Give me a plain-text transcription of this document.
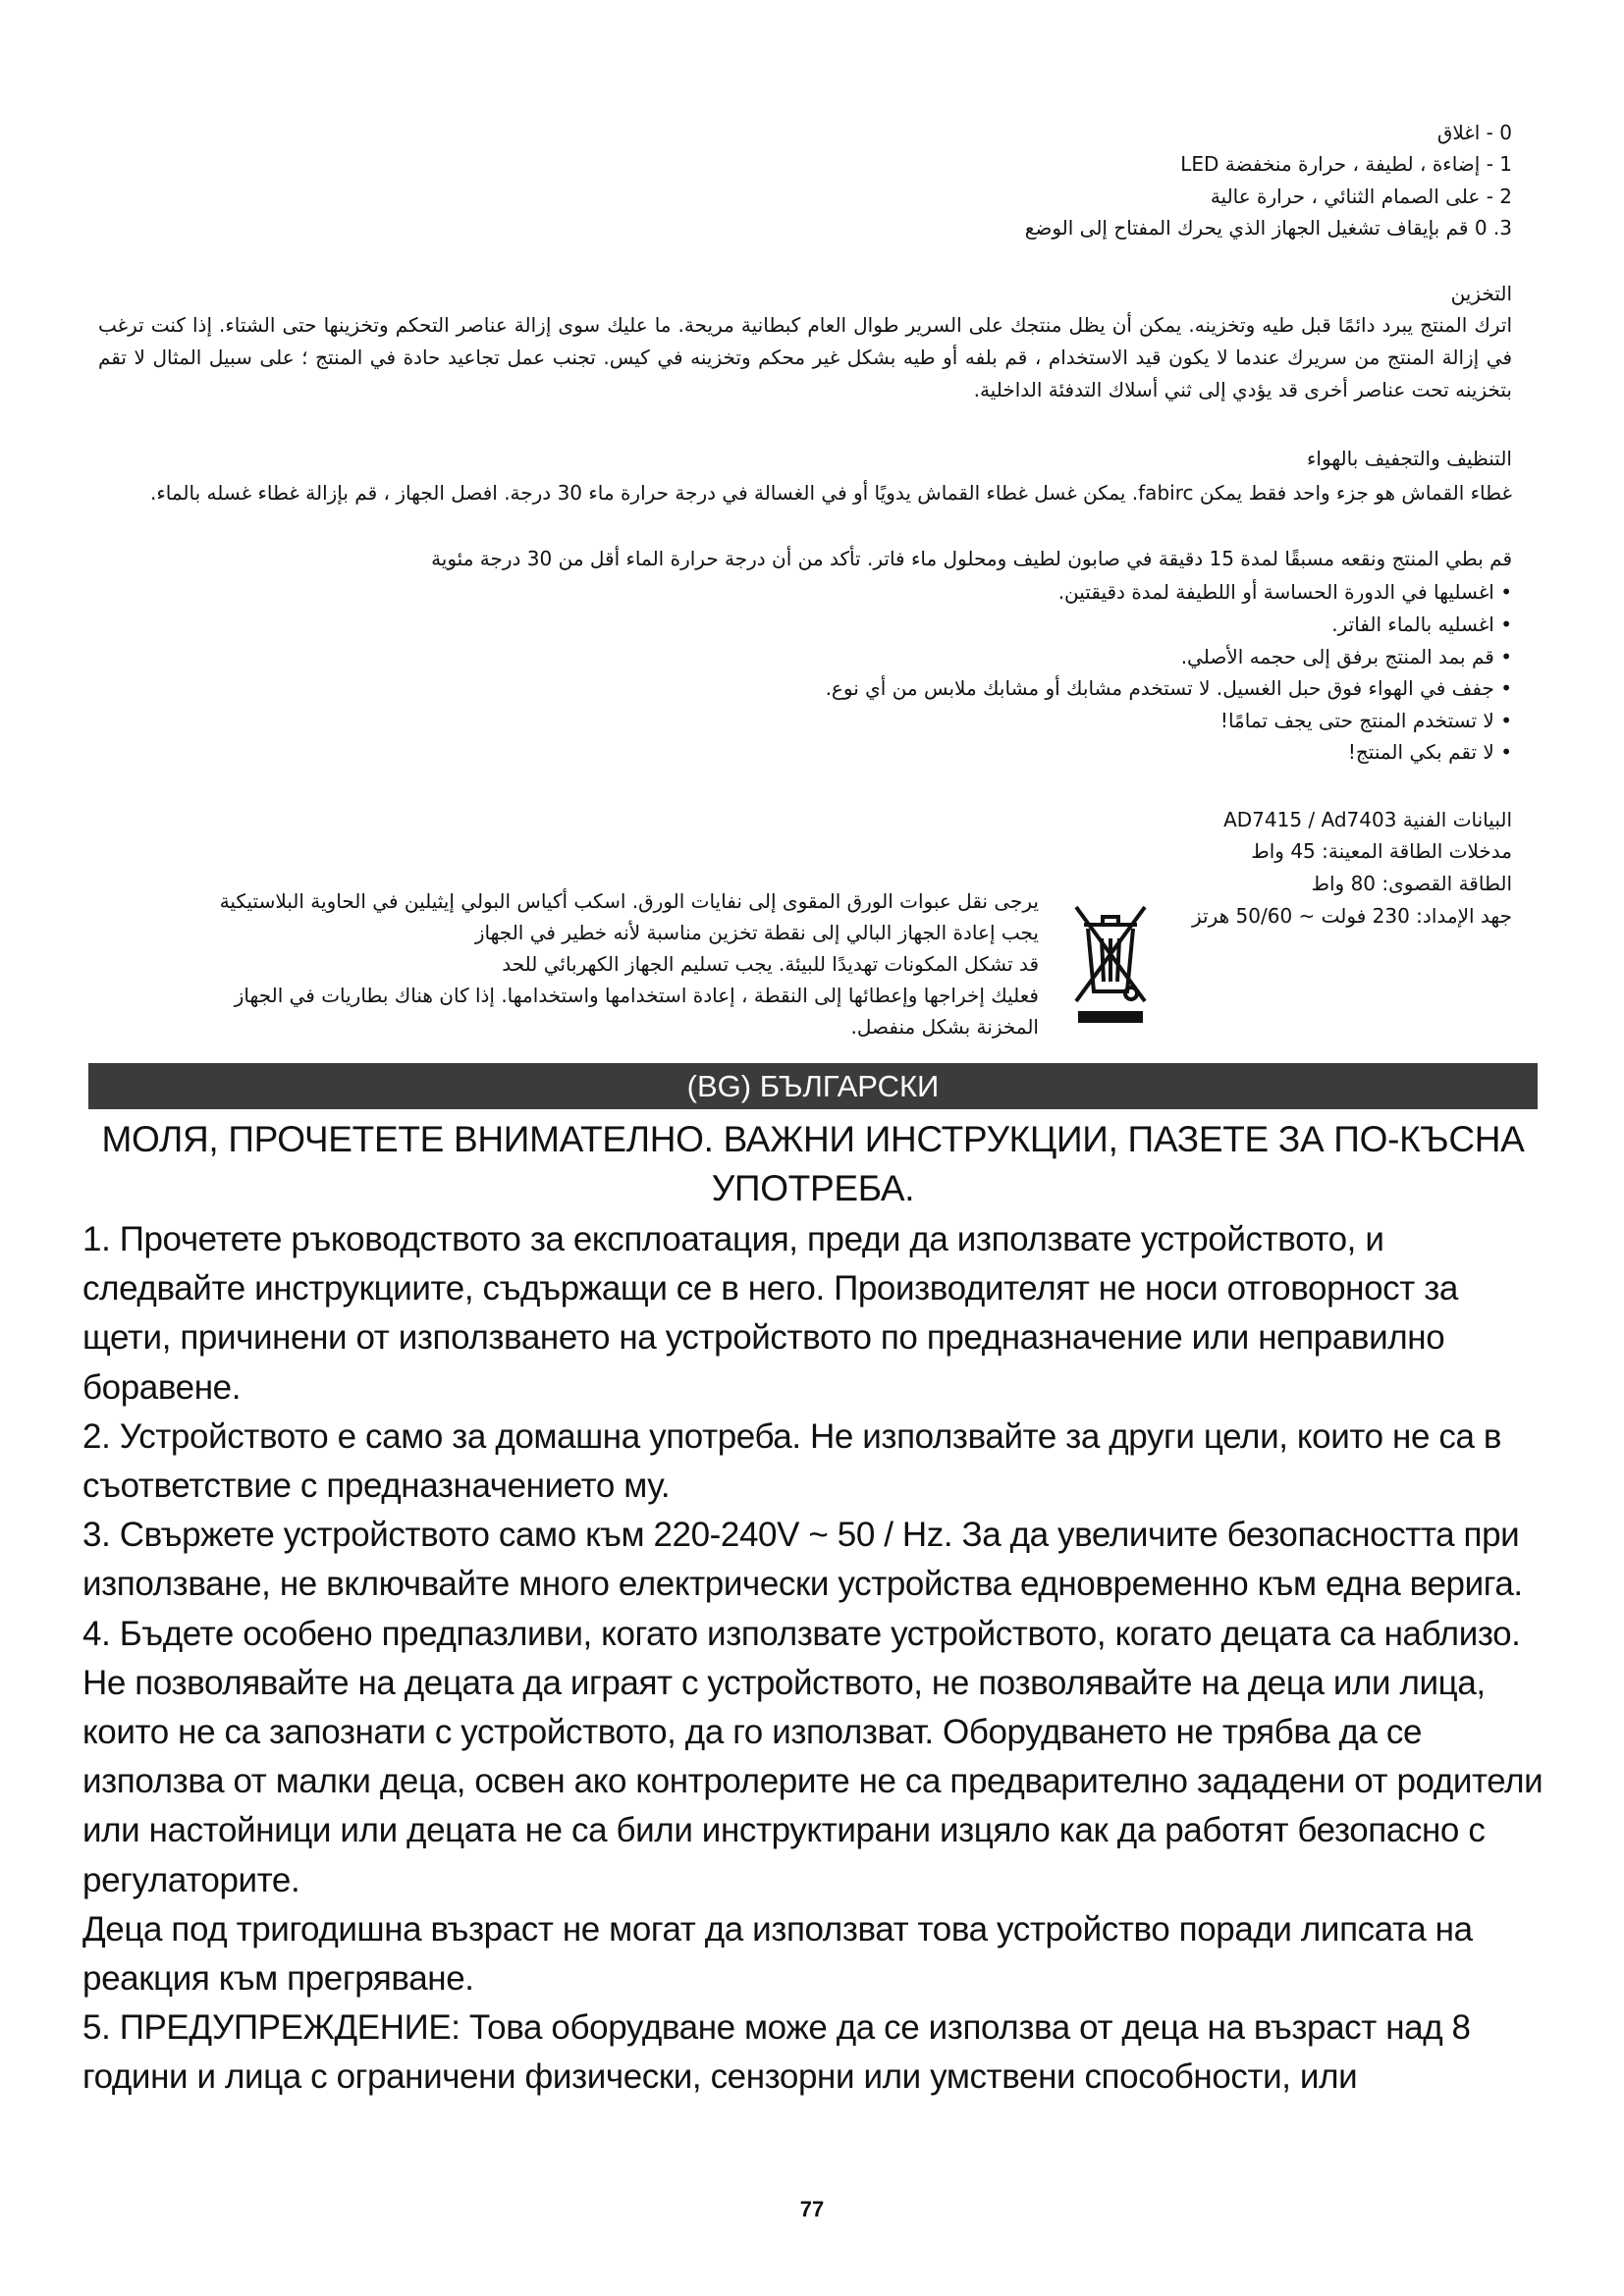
0 - اغلاق
1 - إضاءة ، لطيفة ، حرارة منخفضة LED
2 - على الصمام الثنائي ، حرارة عالية
3. 0 قم بإيقاف تشغيل الجهاز الذي يحرك المفتاح إلى الوضع
التخزين
اترك المنتج يبرد دائمًا قبل طيه وتخزينه. يمكن أن يظل منتجك على السرير طوال العام كبطانية مريحة. ما عليك سوى إزالة عناصر التحكم وتخزينها حتى الشتاء. إذا كنت ترغب في إزالة المنتج من سريرك عندما لا يكون قيد الاستخدام ، قم بلفه أو طيه بشكل غير محكم وتخزينه في كيس. تجنب عمل تجاعيد حادة في المنتج ؛ على سبيل المثال لا تقم بتخزينه تحت عناصر أخرى قد يؤدي إلى ثني أسلاك التدفئة الداخلية.
التنظيف والتجفيف بالهواء
غطاء القماش هو جزء واحد فقط يمكن fabirc. يمكن غسل غطاء القماش يدويًا أو في الغسالة في درجة حرارة ماء 30 درجة. افصل الجهاز ، قم بإزالة غطاء غسله بالماء.
قم بطي المنتج ونقعه مسبقًا لمدة 15 دقيقة في صابون لطيف ومحلول ماء فاتر. تأكد من أن درجة حرارة الماء أقل من 30 درجة مئوية
• اغسليها في الدورة الحساسة أو اللطيفة لمدة دقيقتين.
• اغسليه بالماء الفاتر.
• قم بمد المنتج برفق إلى حجمه الأصلي.
• جفف في الهواء فوق حبل الغسيل. لا تستخدم مشابك أو مشابك ملابس من أي نوع.
• لا تستخدم المنتج حتى يجف تمامًا!
• لا تقم بكي المنتج!
البيانات الفنية AD7415 / Ad7403
مدخلات الطاقة المعينة: 45 واط
الطاقة القصوى: 80 واط
جهد الإمداد: 230 فولت ~ 50/60 هرتز
يرجى نقل عبوات الورق المقوى إلى نفايات الورق. اسكب أكياس البولي إيثيلين في الحاوية البلاستيكية
يجب إعادة الجهاز البالي إلى نقطة تخزين مناسبة لأنه خطير في الجهاز
قد تشكل المكونات تهديدًا للبيئة. يجب تسليم الجهاز الكهربائي للحد
فعليك إخراجها وإعطائها إلى النقطة ، إعادة استخدامها واستخدامها. إذا كان هناك بطاريات في الجهاز
المخزنة بشكل منفصل.
(BG) БЪЛГАРСКИ
МОЛЯ, ПРОЧЕТЕТЕ ВНИМАТЕЛНО. ВАЖНИ ИНСТРУКЦИИ, ПАЗЕТЕ ЗА ПО-КЪСНА УПОТРЕБА.

1. Прочетете ръководството за експлоатация, преди да използвате устройството, и следвайте инструкциите, съдържащи се в него. Производителят не носи отговорност за щети, причинени от използването на устройството по предназначение или неправилно боравене.

2. Устройството е само за домашна употреба. Не използвайте за други цели, които не са в съответствие с предназначението му.

3. Свържете устройството само към 220-240V ~ 50 / Hz. За да увеличите безопасността при използване, не включвайте много електрически устройства едновременно към една верига.

4. Бъдете особено предпазливи, когато използвате устройството, когато децата са наблизо. Не позволявайте на децата да играят с устройството, не позволявайте на деца или лица, които не са запознати с устройството, да го използват. Оборудването не трябва да се използва от малки деца, освен ако контролерите не са предварително зададени от родители или настойници или децата не са били инструктирани изцяло как да работят безопасно с регулаторите.

Деца под тригодишна възраст не могат да използват това устройство поради липсата на реакция към прегряване.

5. ПРЕДУПРЕЖДЕНИЕ: Това оборудване може да се използва от деца на възраст над 8 години и лица с ограничени физически, сензорни или умствени способности, или

77
